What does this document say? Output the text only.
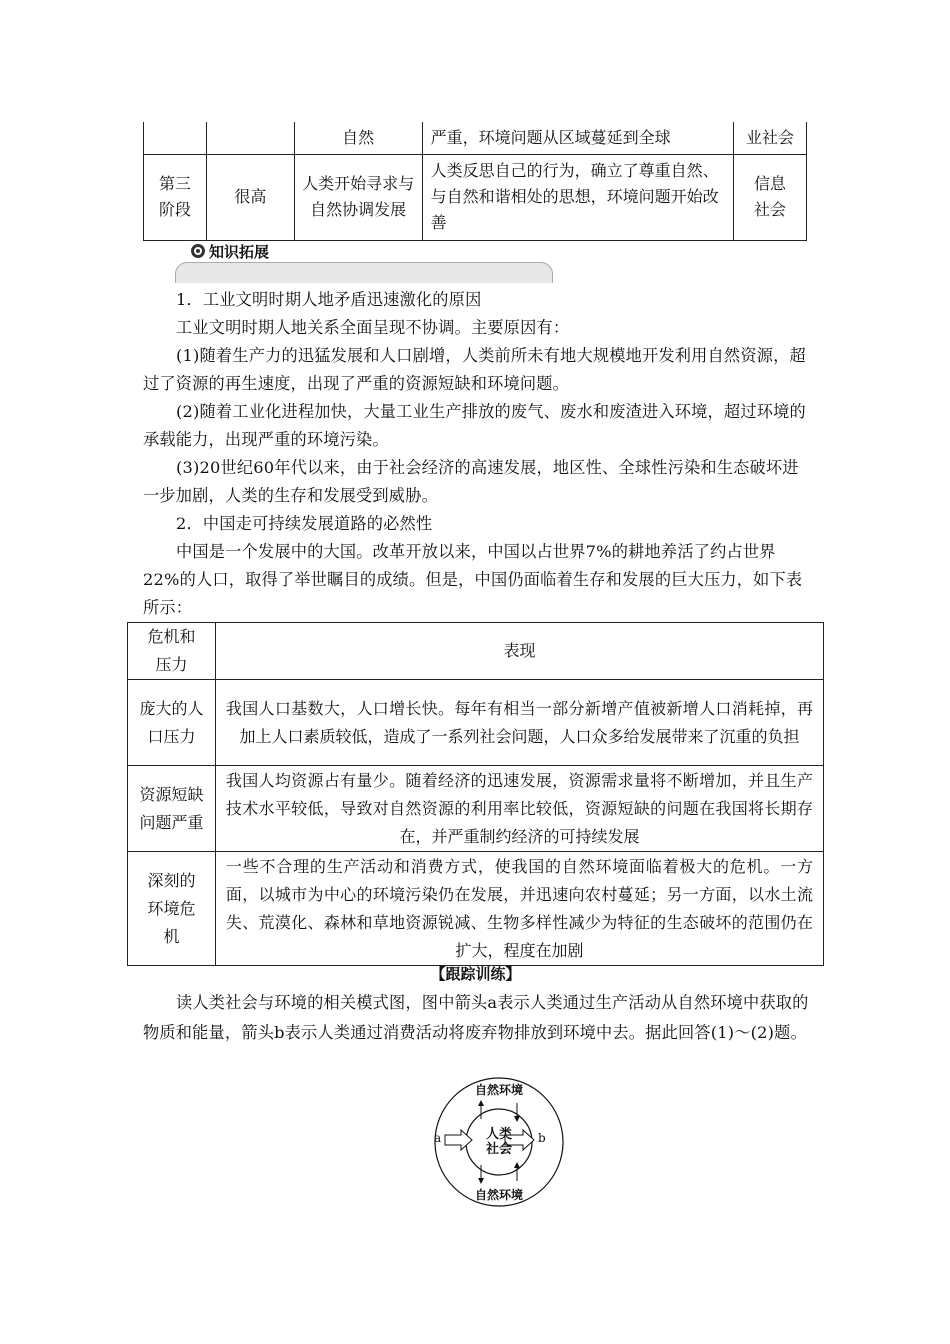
		自然	严重，环境问题从区域蔓延到全球	业社会
第三阶段	很高	人类开始寻求与自然协调发展	人类反思自己的行为，确立了尊重自然、与自然和谐相处的思想，环境问题开始改善	信息社会
知识拓展
1．工业文明时期人地矛盾迅速激化的原因
工业文明时期人地关系全面呈现不协调。主要原因有：
(1)随着生产力的迅猛发展和人口剧增，人类前所未有地大规模地开发利用自然资源，超过了资源的再生速度，出现了严重的资源短缺和环境问题。
(2)随着工业化进程加快，大量工业生产排放的废气、废水和废渣进入环境，超过环境的承载能力，出现严重的环境污染。
(3)20世纪60年代以来，由于社会经济的高速发展，地区性、全球性污染和生态破坏进一步加剧，人类的生存和发展受到威胁。
2．中国走可持续发展道路的必然性
中国是一个发展中的大国。改革开放以来，中国以占世界7%的耕地养活了约占世界22%的人口，取得了举世瞩目的成绩。但是，中国仍面临着生存和发展的巨大压力，如下表所示：
危机和压力	表现
庞大的人口压力	我国人口基数大，人口增长快。每年有相当一部分新增产值被新增人口消耗掉，再加上人口素质较低，造成了一系列社会问题，人口众多给发展带来了沉重的负担
资源短缺问题严重	我国人均资源占有量少。随着经济的迅速发展，资源需求量将不断增加，并且生产技术水平较低，导致对自然资源的利用率比较低，资源短缺的问题在我国将长期存在，并严重制约经济的可持续发展
深刻的环境危机	一些不合理的生产活动和消费方式，使我国的自然环境面临着极大的危机。一方面，以城市为中心的环境污染仍在发展，并迅速向农村蔓延；另一方面，以水土流失、荒漠化、森林和草地资源锐减、生物多样性减少为特征的生态破坏的范围仍在扩大，程度在加剧
【跟踪训练】
读人类社会与环境的相关模式图，图中箭头a表示人类通过生产活动从自然环境中获取的物质和能量，箭头b表示人类通过消费活动将废弃物排放到环境中去。据此回答(1)～(2)题。
自然环境
自然环境
人类
社会
a	b
